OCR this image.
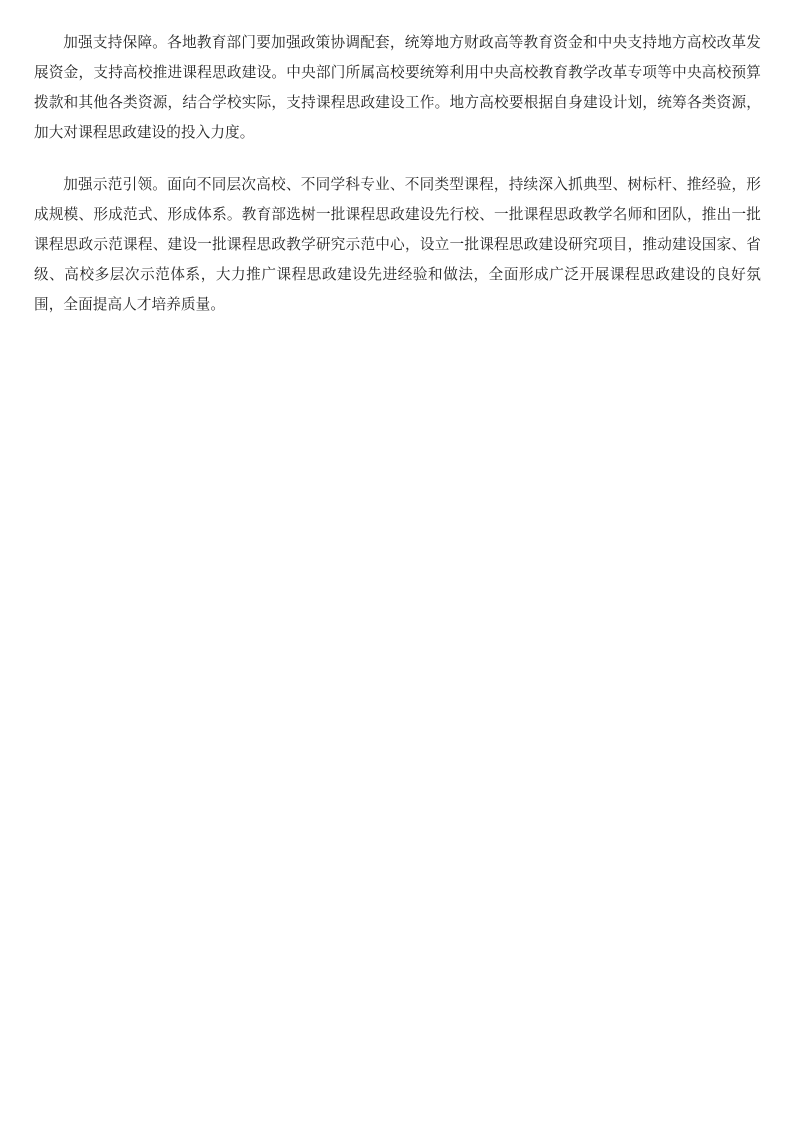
加强支持保障。各地教育部门要加强政策协调配套，统筹地方财政高等教育资金和中央支持地方高校改革发展资金，支持高校推进课程思政建设。中央部门所属高校要统筹利用中央高校教育教学改革专项等中央高校预算拨款和其他各类资源，结合学校实际，支持课程思政建设工作。地方高校要根据自身建设计划，统筹各类资源，加大对课程思政建设的投入力度。

加强示范引领。面向不同层次高校、不同学科专业、不同类型课程，持续深入抓典型、树标杆、推经验，形成规模、形成范式、形成体系。教育部选树一批课程思政建设先行校、一批课程思政教学名师和团队，推出一批课程思政示范课程、建设一批课程思政教学研究示范中心，设立一批课程思政建设研究项目，推动建设国家、省级、高校多层次示范体系，大力推广课程思政建设先进经验和做法，全面形成广泛开展课程思政建设的良好氛围，全面提高人才培养质量。
